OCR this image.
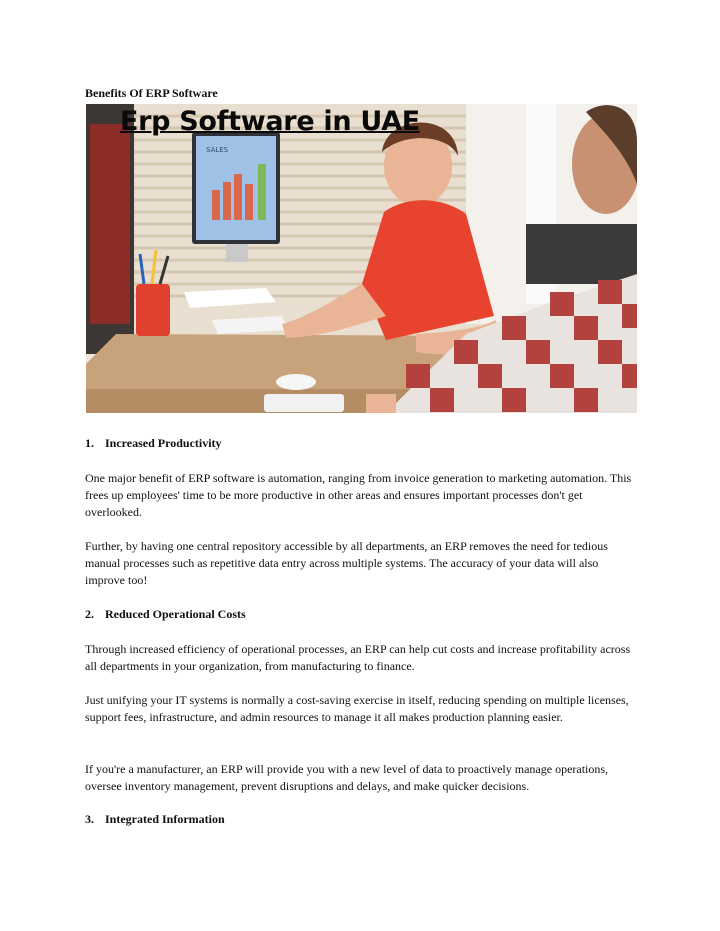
Benefits Of ERP Software
SALES
Erp Software in UAE
1. Increased Productivity

One major benefit of ERP software is automation, ranging from invoice generation to marketing automation. This frees up employees' time to be more productive in other areas and ensures important processes don't get overlooked.

Further, by having one central repository accessible by all departments, an ERP removes the need for tedious manual processes such as repetitive data entry across multiple systems. The accuracy of your data will also improve too!

2. Reduced Operational Costs

Through increased efficiency of operational processes, an ERP can help cut costs and increase profitability across all departments in your organization, from manufacturing to finance.

Just unifying your IT systems is normally a cost-saving exercise in itself, reducing spending on multiple licenses, support fees, infrastructure, and admin resources to manage it all makes production planning easier.

If you're a manufacturer, an ERP will provide you with a new level of data to proactively manage operations, oversee inventory management, prevent disruptions and delays, and make quicker decisions.

3. Integrated Information
